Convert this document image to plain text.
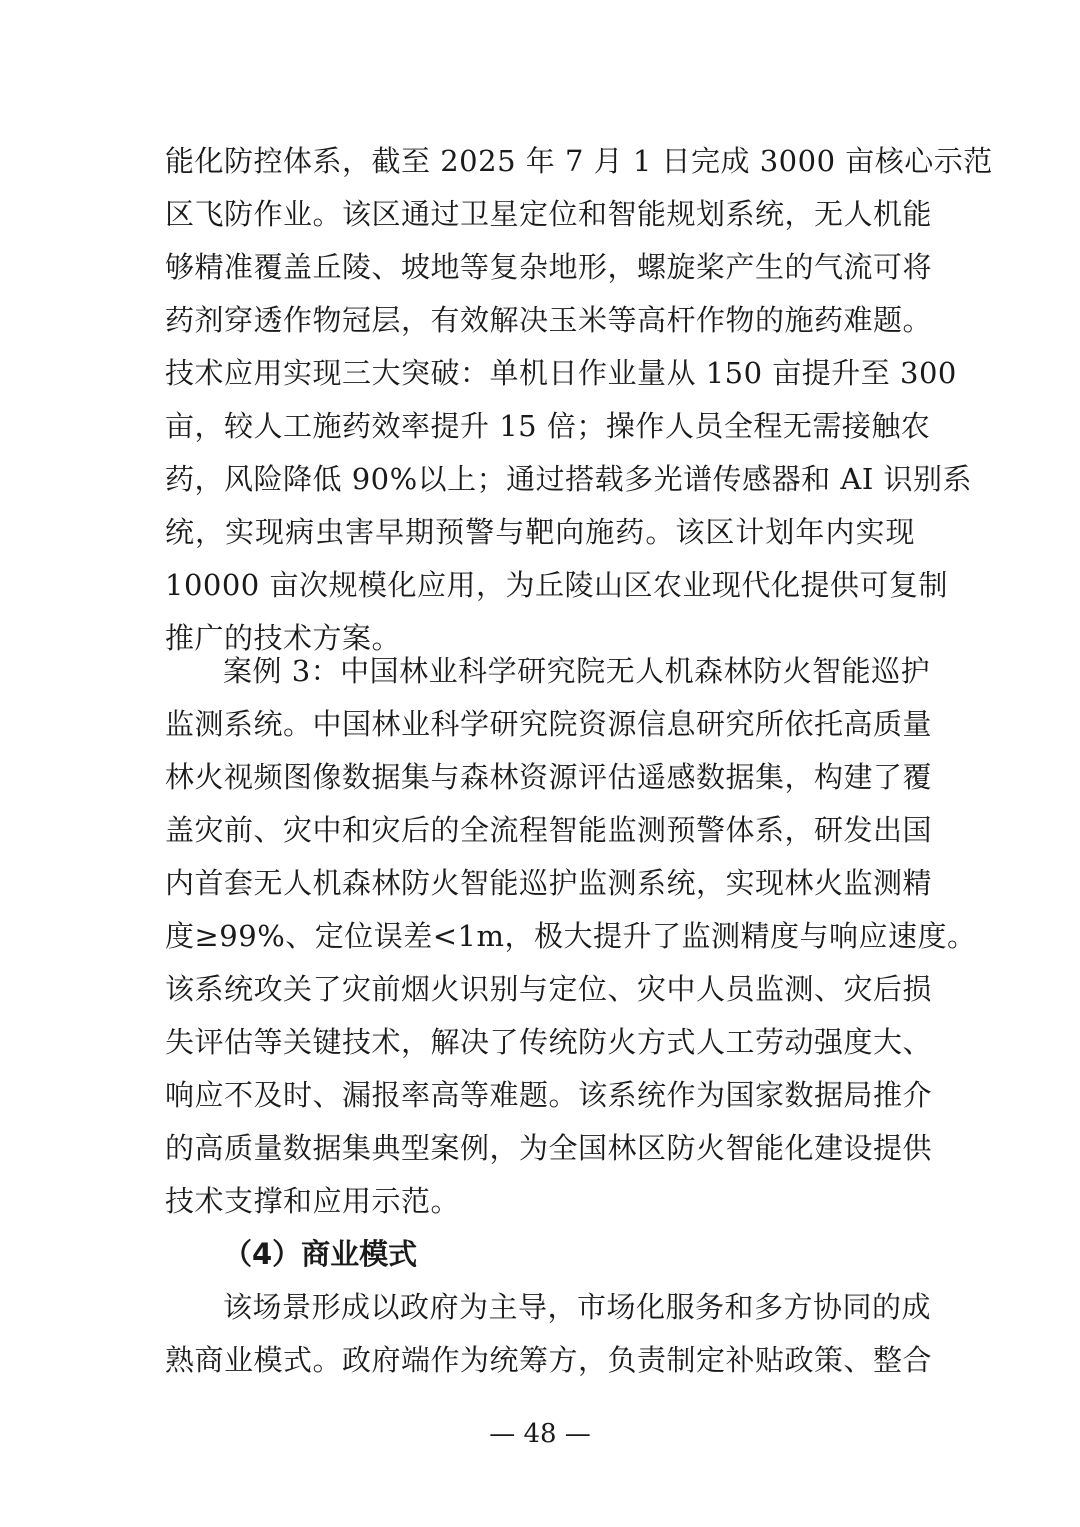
能化防控体系，截至 2025 年 7 月 1 日完成 3000 亩核心示范
区飞防作业。该区通过卫星定位和智能规划系统，无人机能
够精准覆盖丘陵、坡地等复杂地形，螺旋桨产生的气流可将
药剂穿透作物冠层，有效解决玉米等高杆作物的施药难题。
技术应用实现三大突破：单机日作业量从 150 亩提升至 300
亩，较人工施药效率提升 15 倍；操作人员全程无需接触农
药，风险降低 90%以上；通过搭载多光谱传感器和 AI 识别系
统，实现病虫害早期预警与靶向施药。该区计划年内实现
10000 亩次规模化应用，为丘陵山区农业现代化提供可复制
推广的技术方案。
案例 3：中国林业科学研究院无人机森林防火智能巡护
监测系统。中国林业科学研究院资源信息研究所依托高质量
林火视频图像数据集与森林资源评估遥感数据集，构建了覆
盖灾前、灾中和灾后的全流程智能监测预警体系，研发出国
内首套无人机森林防火智能巡护监测系统，实现林火监测精
度≥99%、定位误差<1m，极大提升了监测精度与响应速度。
该系统攻关了灾前烟火识别与定位、灾中人员监测、灾后损
失评估等关键技术，解决了传统防火方式人工劳动强度大、
响应不及时、漏报率高等难题。该系统作为国家数据局推介
的高质量数据集典型案例，为全国林区防火智能化建设提供
技术支撑和应用示范。
（4）商业模式
该场景形成以政府为主导，市场化服务和多方协同的成
熟商业模式。政府端作为统筹方，负责制定补贴政策、整合
— 48 —
